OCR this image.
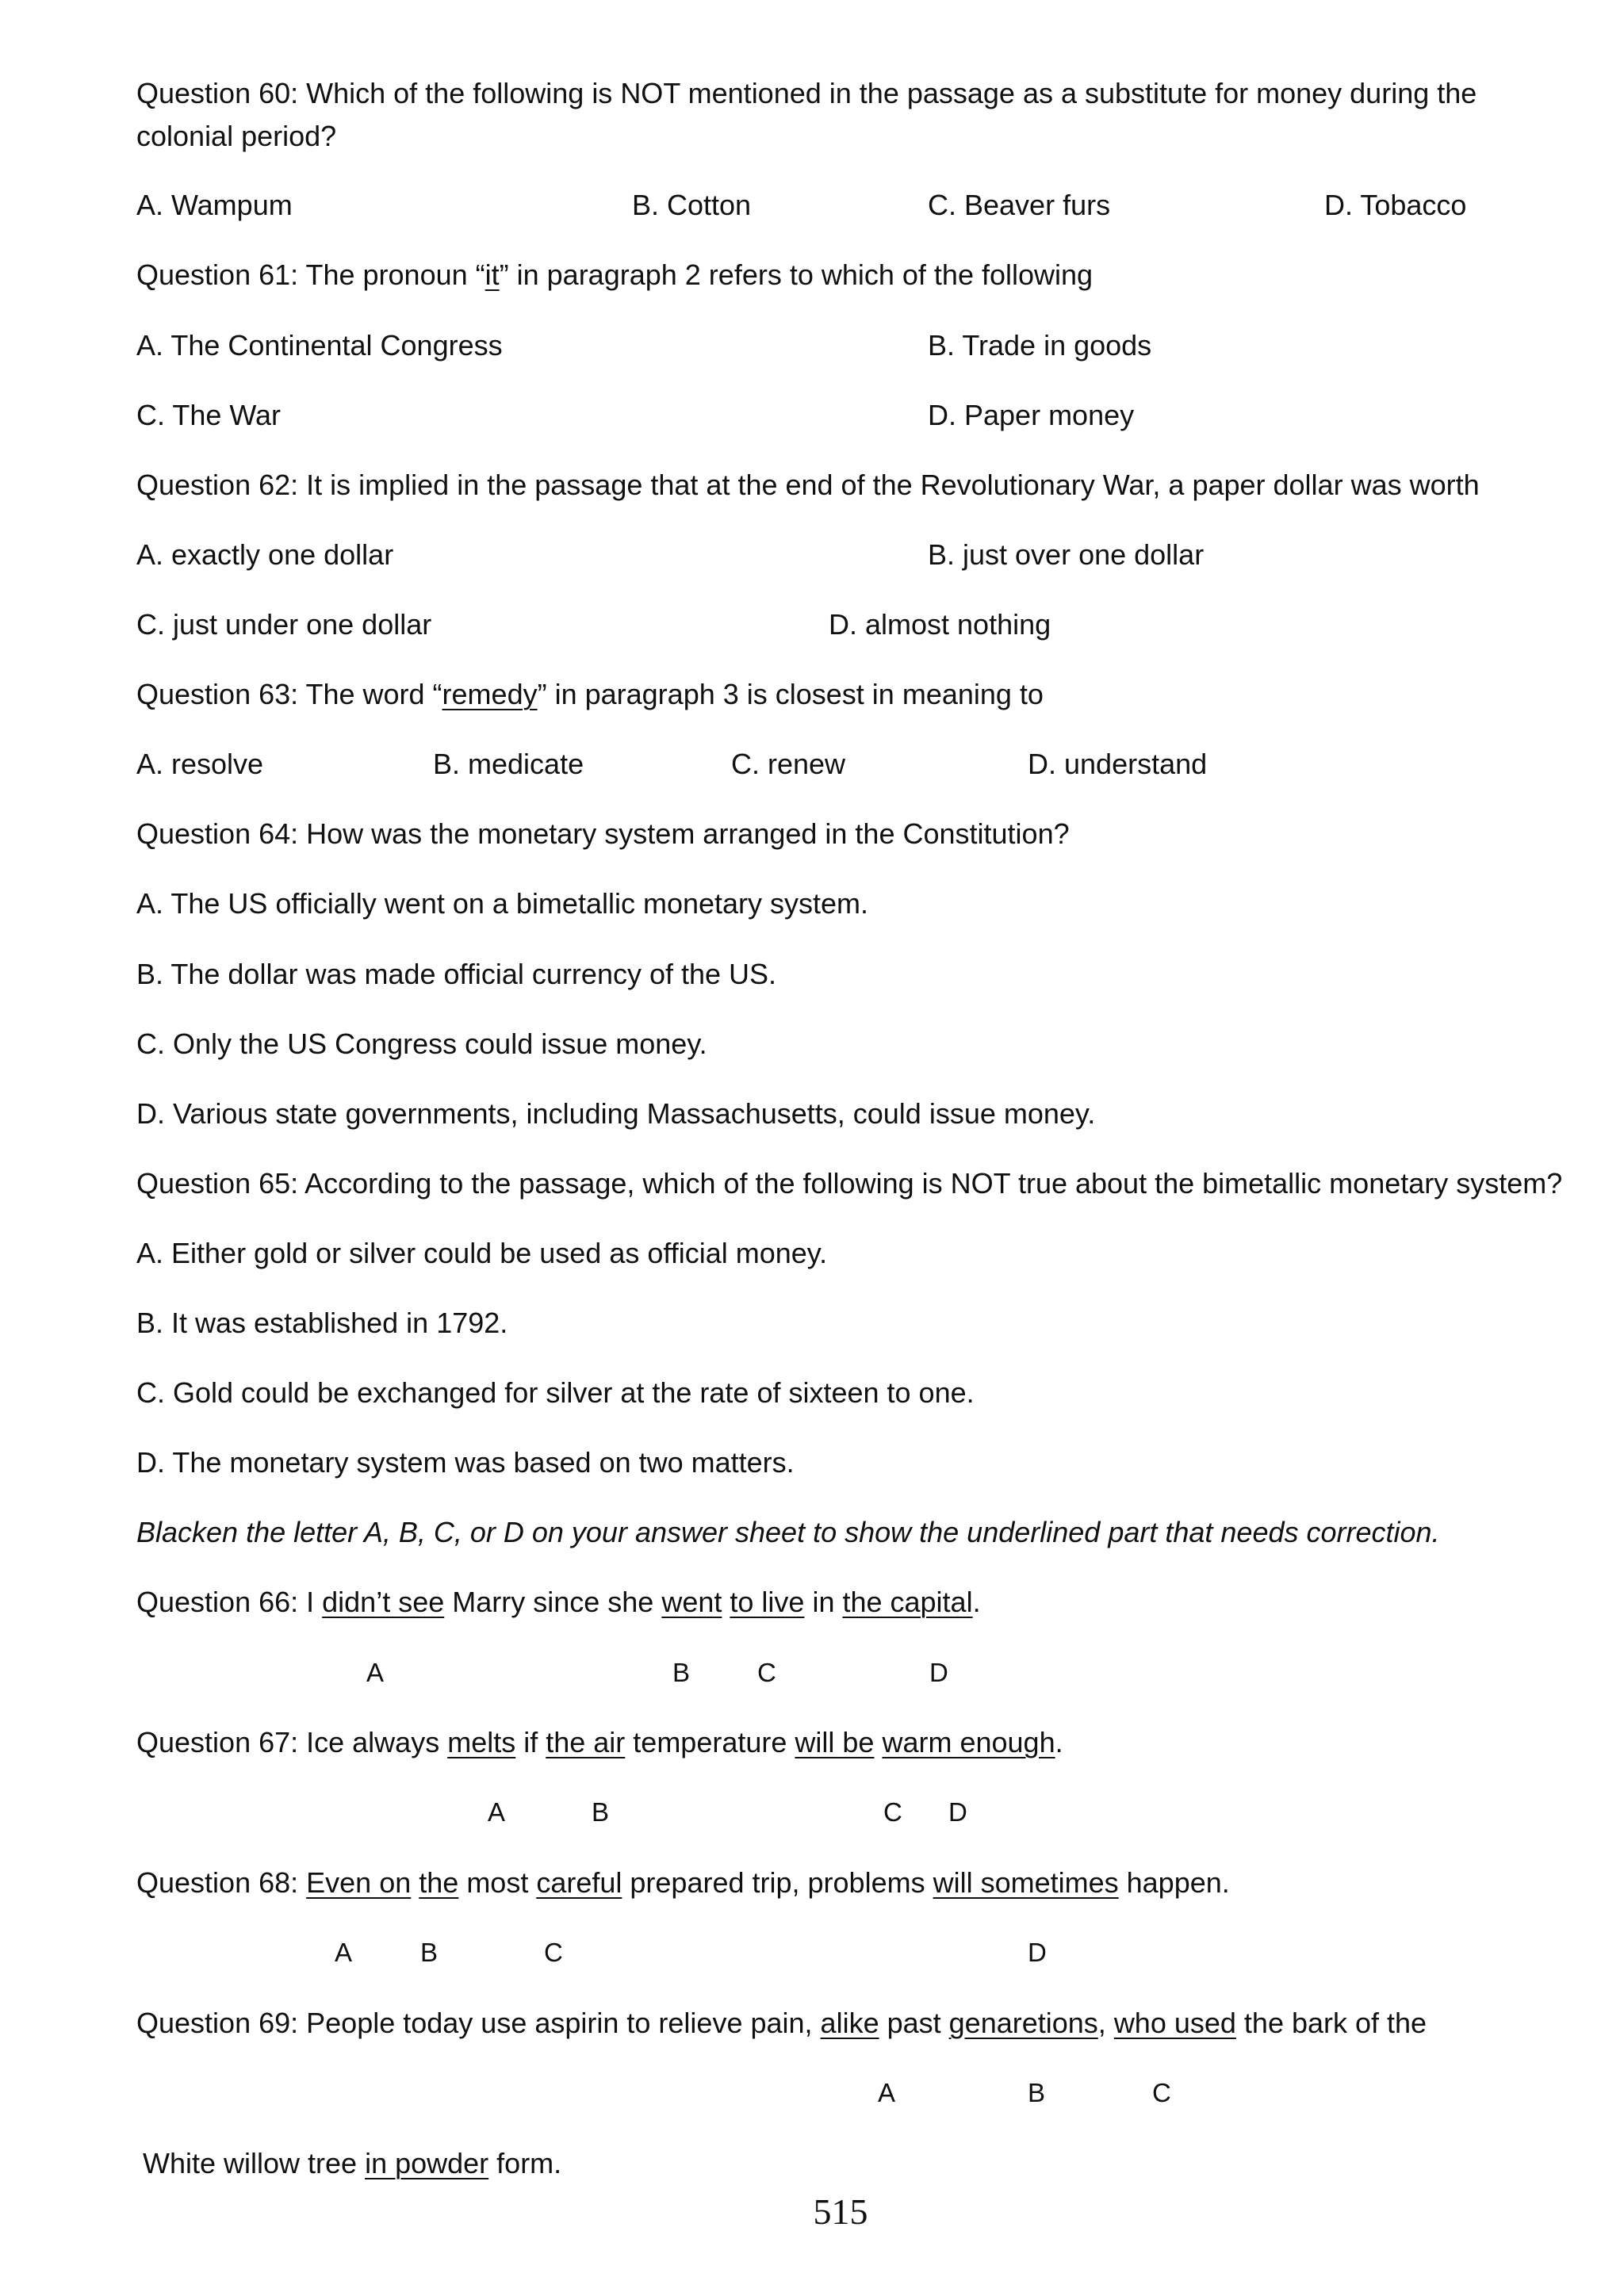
Question 60: Which of the following is NOT mentioned in the passage as a substitute for money during the
colonial period?
A. Wampum	B. Cotton	C. Beaver furs	D. Tobacco
Question 61: The pronoun “it” in paragraph 2 refers to which of the following
A. The Continental Congress	B. Trade in goods
C. The War	D. Paper money
Question 62: It is implied in the passage that at the end of the Revolutionary War, a paper dollar was worth
A. exactly one dollar	B. just over one dollar
C. just under one dollar	D. almost nothing
Question 63: The word “remedy” in paragraph 3 is closest in meaning to
A. resolve	B. medicate	C. renew	D. understand
Question 64: How was the monetary system arranged in the Constitution?
A. The US officially went on a bimetallic monetary system.
B. The dollar was made official currency of the US.
C. Only the US Congress could issue money.
D. Various state governments, including Massachusetts, could issue money.
Question 65: According to the passage, which of the following is NOT true about the bimetallic monetary system?
A. Either gold or silver could be used as official money.
B. It was established in 1792.
C. Gold could be exchanged for silver at the rate of sixteen to one.
D. The monetary system was based on two matters.
Blacken the letter A, B, C, or D on your answer sheet to show the underlined part that needs correction.
Question 66: I didn’t see Marry since she went to live in the capital.
A	B	C	D
Question 67: Ice always melts if the air temperature will be warm enough.
A	B	C D
Question 68: Even on the most careful prepared trip, problems will sometimes happen.
A	B	C	D
Question 69: People today use aspirin to relieve pain, alike past genaretions, who used the bark of the
A	B	C
White willow tree in powder form.
515
